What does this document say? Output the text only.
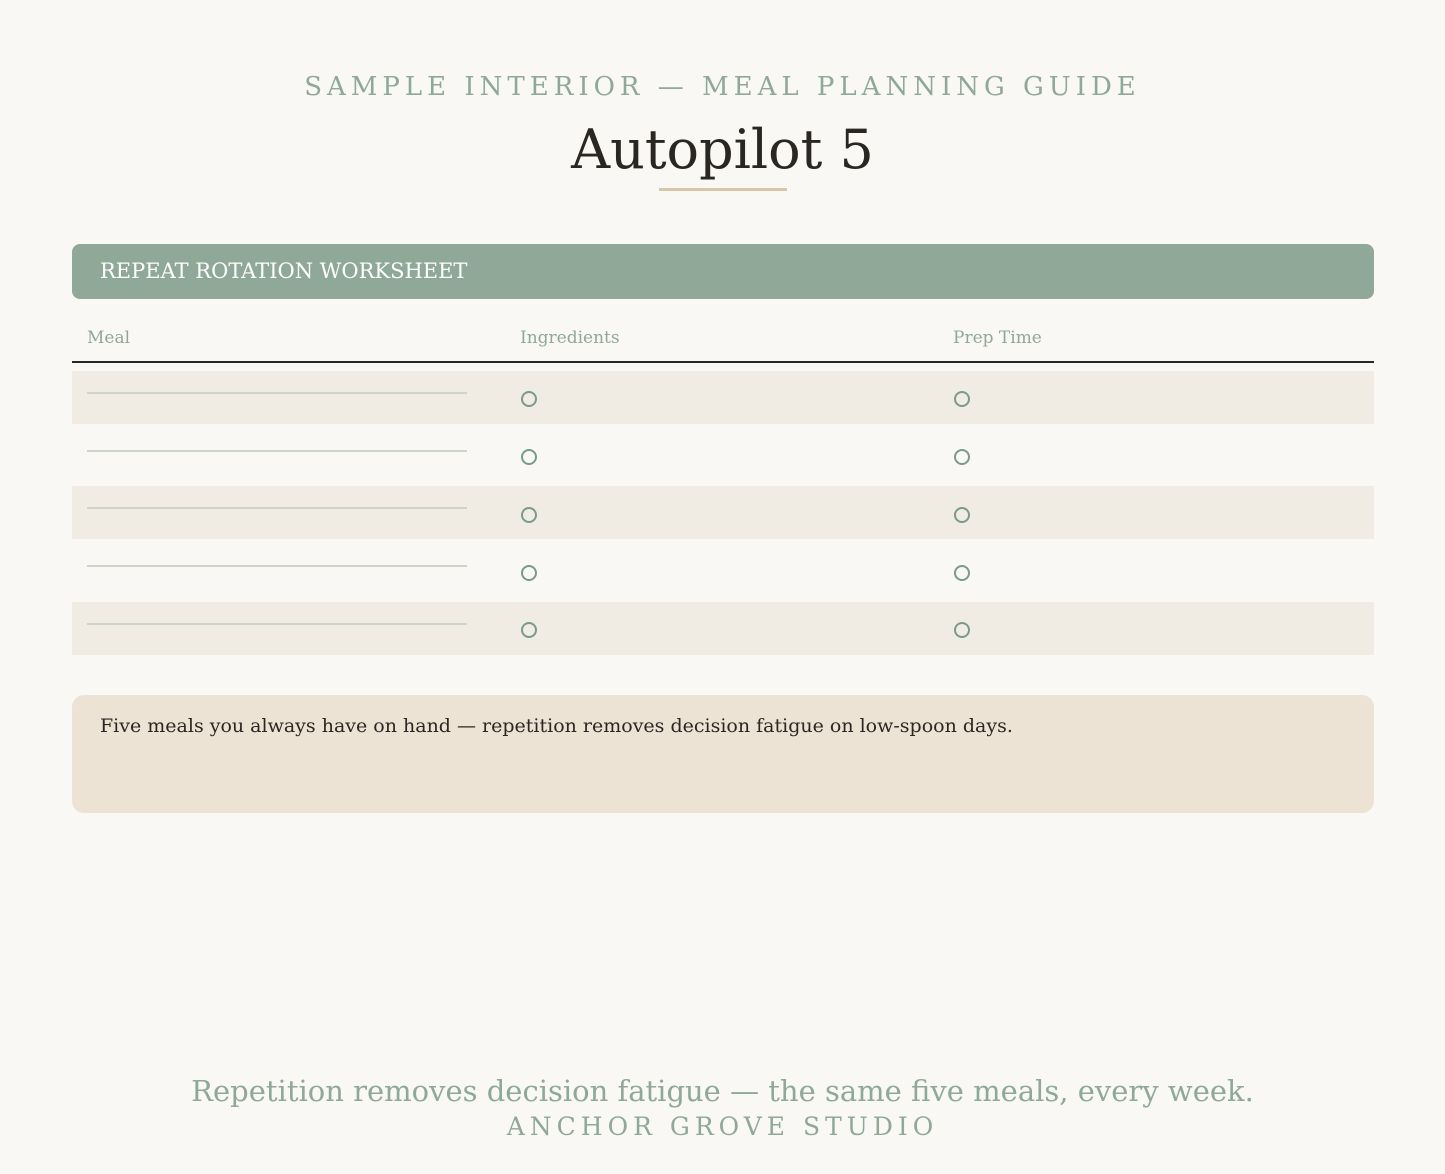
SAMPLE INTERIOR — MEAL PLANNING GUIDE
Autopilot 5
REPEAT ROTATION WORKSHEET
Meal	Ingredients	Prep Time
Five meals you always have on hand — repetition removes decision fatigue on low-spoon days.
Repetition removes decision fatigue — the same five meals, every week.
ANCHOR GROVE STUDIO
